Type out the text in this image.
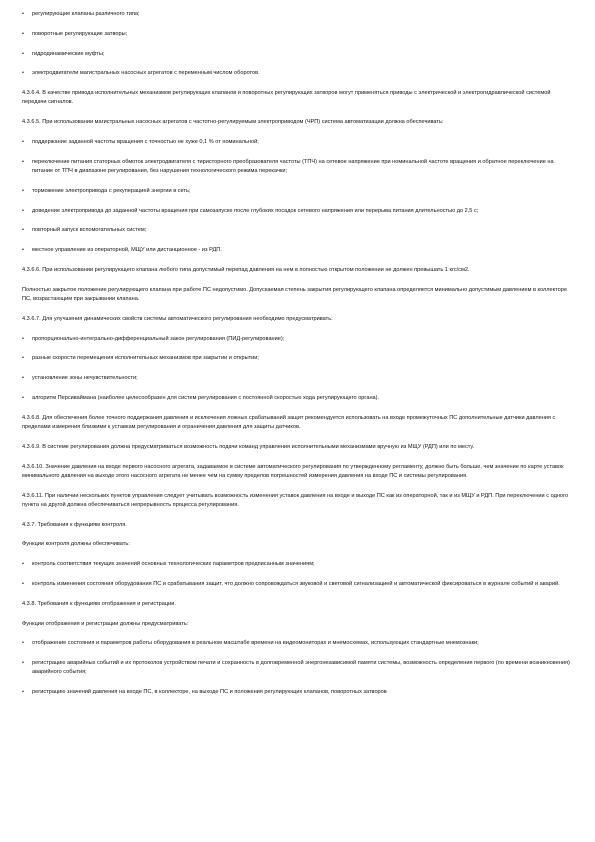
•	регулирующие клапаны различного типа;
•	поворотные регулирующие затворы;
•	гидродинамические муфты;
•	электродвигатели магистральных насосных агрегатов с переменным числом оборотов.

4.3.6.4. В качестве привода исполнительных механизмов регулирующих клапанов и поворотных регулирующих затворов могут применяться приводы с электрической и электрогидравлической системой передачи сигналов.

4.3.6.5. При использовании магистральных насосных агрегатов с частотно-регулируемым электроприводом (ЧРП) система автоматизации должна обеспечивать:

•	поддержание заданной частоты вращения с точностью не хуже 0,1 % от номинальной;
•	переключение питания статорных обмоток электродвигателя с тиристорного преобразователя частоты (ТПЧ) на сетевое напряжение при номинальной частоте вращения и обратное переключение на питание от ТПЧ в диапазоне регулирования, без нарушения технологического режима перекачки;
•	торможение электропривода с рекуперацией энергии в сеть;
•	доведение электропривода до заданной частоты вращения при самозапуске после глубоких посадок сетевого напряжения или перерыва питания длительностью до 2,5 с;
•	повторный запуск вспомогательных систем;
•	местное управление из операторной, МЩУ или дистанционное - из РДП.

4.3.6.6. При использовании регулирующего клапана любого типа допустимый перепад давления на нем в полностью открытом положении не должен превышать 1 кгс/см2.

Полностью закрытое положение регулирующего клапана при работе ПС недопустимо. Допускаемая степень закрытия регулирующего клапана определяется минимально допустимым давлением в коллекторе ПС, возрастающим при закрывании клапана.

4.3.6.7. Для улучшения динамических свойств системы автоматического регулирования необходимо предусматривать:

•	пропорционально-интегрально-дифференциальный закон регулирования (ПИД-регулирование);
•	разные скорости перемещения исполнительных механизмов при закрытии и открытии;
•	установление зоны нечувствительности;
•	алгоритм Персиваймана (наиболее целесообразен для систем регулирования с постоянной скоростью хода регулирующего органа).

4.3.6.8. Для обеспечения более точного поддержания давления и исключения ложных срабатываний защит рекомендуется использовать на входе промежуточных ПС дополнительные датчики давления с пределами измерения близкими к уставкам регулирования и ограничения давления для защиты датчиков.

4.3.6.9. В системе регулирования должна предусматриваться возможность подачи команд управления исполнительными механизмами вручную из МЩУ (РДП) или по месту.

4.3.6.10. Значение давления на входе первого насосного агрегата, задаваемое в системе автоматического регулирования по утвержденному регламенту, должно быть больше, чем значение по карте уставок минимального давления на выходе этого насосного агрегата не менее чем на сумму пределов погрешностей измерения давления на входе ПС и системы регулирования.

4.3.6.11. При наличии нескольких пунктов управления следует учитывать возможность изменения уставок давления на входе и выходе ПС как из операторной, так и из МЩУ и РДП. При переключении с одного пункта на другой должна обеспечиваться непрерывность процесса регулирования.

4.3.7. Требования к функциям контроля.

Функции контроля должны обеспечивать:

•	контроль соответствия текущих значений основных технологических параметров предписанным значениям;
•	контроль изменения состояния оборудования ПС и срабатывания защит, что должно сопровождаться звуковой и световой сигнализацией и автоматической фиксироваться в журнале событий и аварий.

4.3.8. Требования к функциям отображения и регистрации.

Функции отображения и регистрации должны предусматривать:

•	отображение состояния и параметров работы оборудования в реальном масштабе времени на видеомониторах и мнемосхемах, использующих стандартные мнемознаки;
•	регистрацию аварийных событий и их протоколов устройством печати и сохранность в долговременной энергонезависимой памяти системы, возможность определения первого (по времени возникновения) аварийного события;
•	регистрацию значений давления на входе ПС, в коллекторе, на выходе ПС и положения регулирующих клапанов, поворотных затворов
